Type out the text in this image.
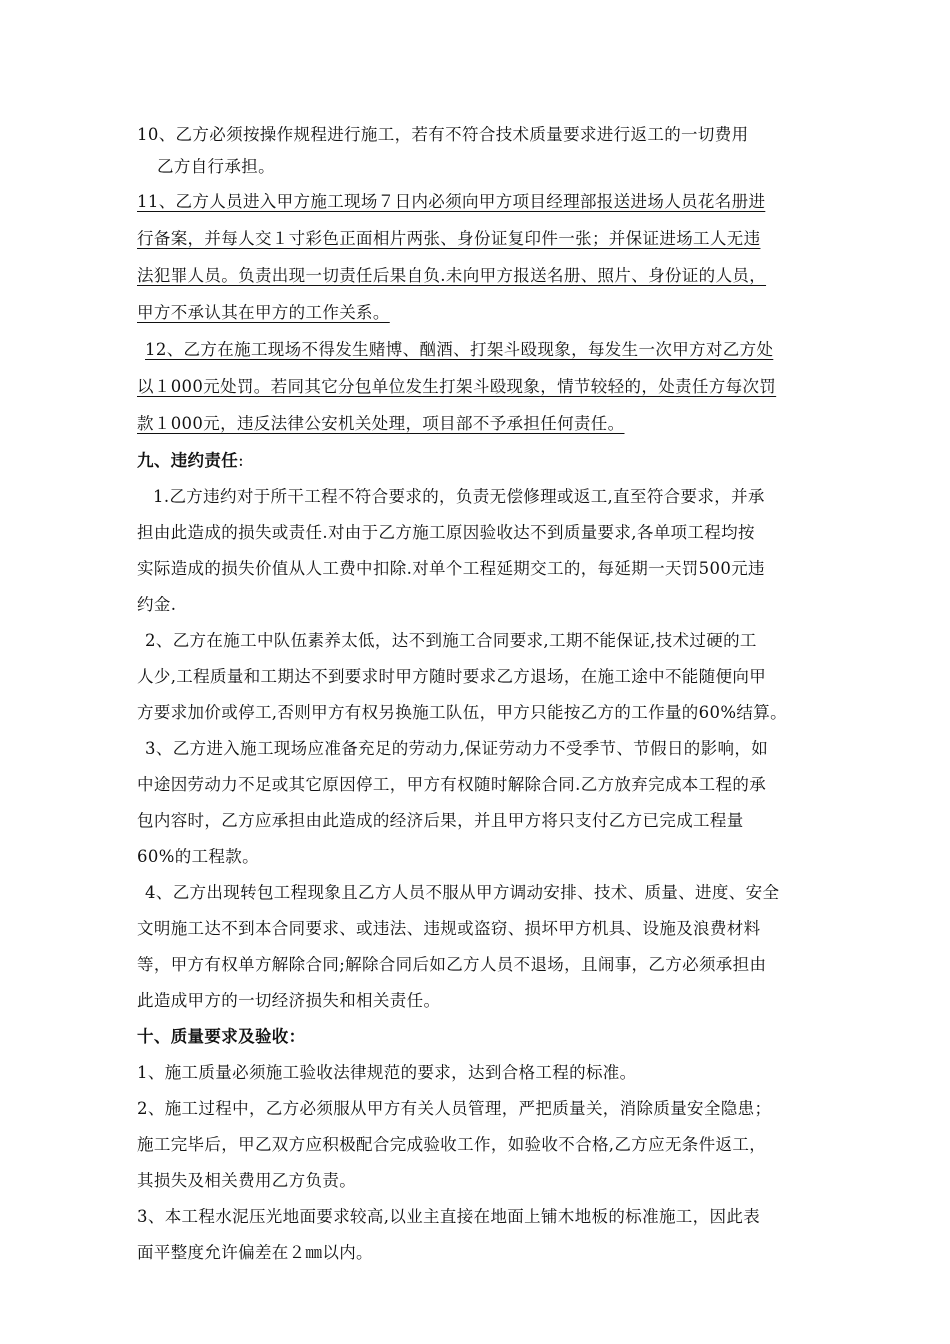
10、乙方必须按操作规程进行施工，若有不符合技术质量要求进行返工的一切费用
乙方自行承担。
11、乙方人员进入甲方施工现场７日内必须向甲方项目经理部报送进场人员花名册进
行备案，并每人交１寸彩色正面相片两张、身份证复印件一张；并保证进场工人无违
法犯罪人员。负责出现一切责任后果自负.未向甲方报送名册、照片、身份证的人员，
甲方不承认其在甲方的工作关系。
12、乙方在施工现场不得发生赌博、酗酒、打架斗殴现象，每发生一次甲方对乙方处
以１000元处罚。若同其它分包单位发生打架斗殴现象，情节较轻的，处责任方每次罚
款１000元，违反法律公安机关处理，项目部不予承担任何责任。
九、违约责任:
1.乙方违约对于所干工程不符合要求的，负责无偿修理或返工,直至符合要求，并承
担由此造成的损失或责任.对由于乙方施工原因验收达不到质量要求,各单项工程均按
实际造成的损失价值从人工费中扣除.对单个工程延期交工的，每延期一天罚500元违
约金.
2、乙方在施工中队伍素养太低，达不到施工合同要求,工期不能保证,技术过硬的工
人少,工程质量和工期达不到要求时甲方随时要求乙方退场，在施工途中不能随便向甲
方要求加价或停工,否则甲方有权另换施工队伍，甲方只能按乙方的工作量的60%结算。
3、乙方进入施工现场应准备充足的劳动力,保证劳动力不受季节、节假日的影响，如
中途因劳动力不足或其它原因停工，甲方有权随时解除合同.乙方放弃完成本工程的承
包内容时，乙方应承担由此造成的经济后果，并且甲方将只支付乙方已完成工程量
60%的工程款。
4、乙方出现转包工程现象且乙方人员不服从甲方调动安排、技术、质量、进度、安全
文明施工达不到本合同要求、或违法、违规或盗窃、损坏甲方机具、设施及浪费材料
等，甲方有权单方解除合同;解除合同后如乙方人员不退场，且闹事，乙方必须承担由
此造成甲方的一切经济损失和相关责任。
十、质量要求及验收：
1、施工质量必须施工验收法律规范的要求，达到合格工程的标准。
2、施工过程中，乙方必须服从甲方有关人员管理，严把质量关，消除质量安全隐患；
施工完毕后，甲乙双方应积极配合完成验收工作，如验收不合格,乙方应无条件返工，
其损失及相关费用乙方负责。
3、本工程水泥压光地面要求较高,以业主直接在地面上铺木地板的标准施工，因此表
面平整度允许偏差在２㎜以内。
